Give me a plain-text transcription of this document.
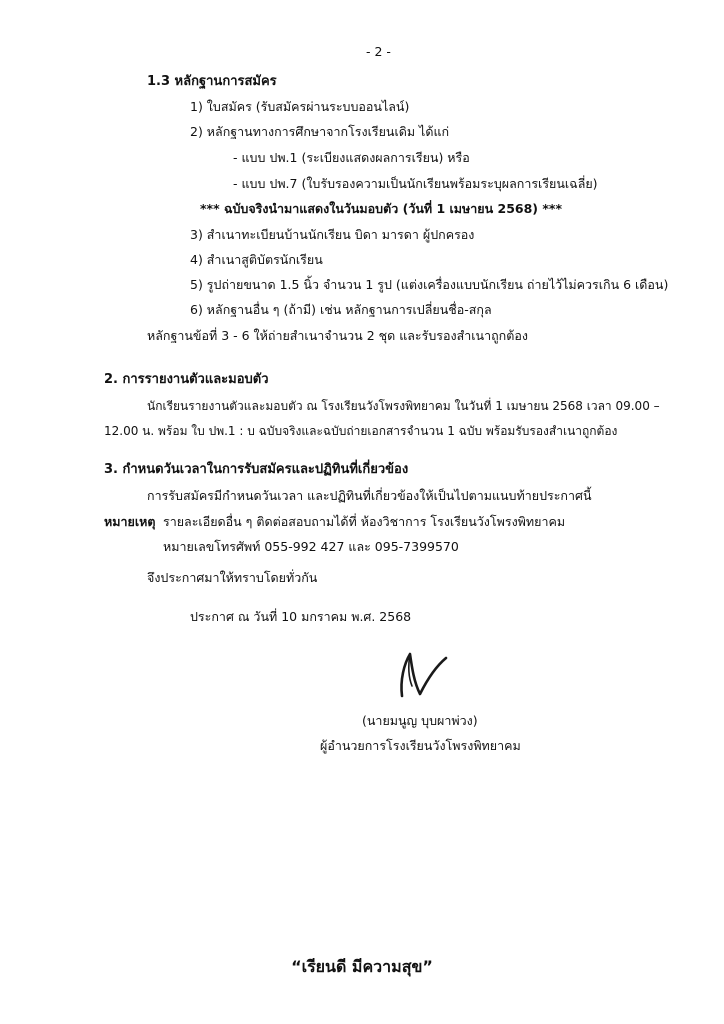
- 2 -
1.3 หลักฐานการสมัคร
1) ใบสมัคร (รับสมัครผ่านระบบออนไลน์)
2) หลักฐานทางการศึกษาจากโรงเรียนเดิม ได้แก่
- แบบ ปพ.1 (ระเบียงแสดงผลการเรียน) หรือ
- แบบ ปพ.7 (ใบรับรองความเป็นนักเรียนพร้อมระบุผลการเรียนเฉลี่ย)
*** ฉบับจริงนำมาแสดงในวันมอบตัว (วันที่ 1 เมษายน 2568) ***
3) สำเนาทะเบียนบ้านนักเรียน บิดา มารดา ผู้ปกครอง
4) สำเนาสูติบัตรนักเรียน
5) รูปถ่ายขนาด 1.5 นิ้ว จำนวน 1 รูป (แต่งเครื่องแบบนักเรียน ถ่ายไว้ไม่ควรเกิน 6 เดือน)
6) หลักฐานอื่น ๆ (ถ้ามี) เช่น หลักฐานการเปลี่ยนชื่อ-สกุล
หลักฐานข้อที่ 3 - 6 ให้ถ่ายสำเนาจำนวน 2 ชุด และรับรองสำเนาถูกต้อง
2. การรายงานตัวและมอบตัว
นักเรียนรายงานตัวและมอบตัว ณ โรงเรียนวังโพรงพิทยาคม ในวันที่ 1 เมษายน 2568 เวลา 09.00 –
12.00 น. พร้อม ใบ ปพ.1 : บ ฉบับจริงและฉบับถ่ายเอกสารจำนวน 1 ฉบับ พร้อมรับรองสำเนาถูกต้อง
3. กำหนดวันเวลาในการรับสมัครและปฏิทินที่เกี่ยวข้อง
การรับสมัครมีกำหนดวันเวลา และปฏิทินที่เกี่ยวข้องให้เป็นไปตามแนบท้ายประกาศนี้
หมายเหตุ รายละเอียดอื่น ๆ ติดต่อสอบถามได้ที่ ห้องวิชาการ โรงเรียนวังโพรงพิทยาคม
หมายเลขโทรศัพท์ 055-992 427 และ 095-7399570
จึงประกาศมาให้ทราบโดยทั่วกัน
ประกาศ ณ วันที่ 10 มกราคม พ.ศ. 2568
(นายมนูญ บุบผาพ่วง)
ผู้อำนวยการโรงเรียนวังโพรงพิทยาคม
“เรียนดี มีความสุข”
